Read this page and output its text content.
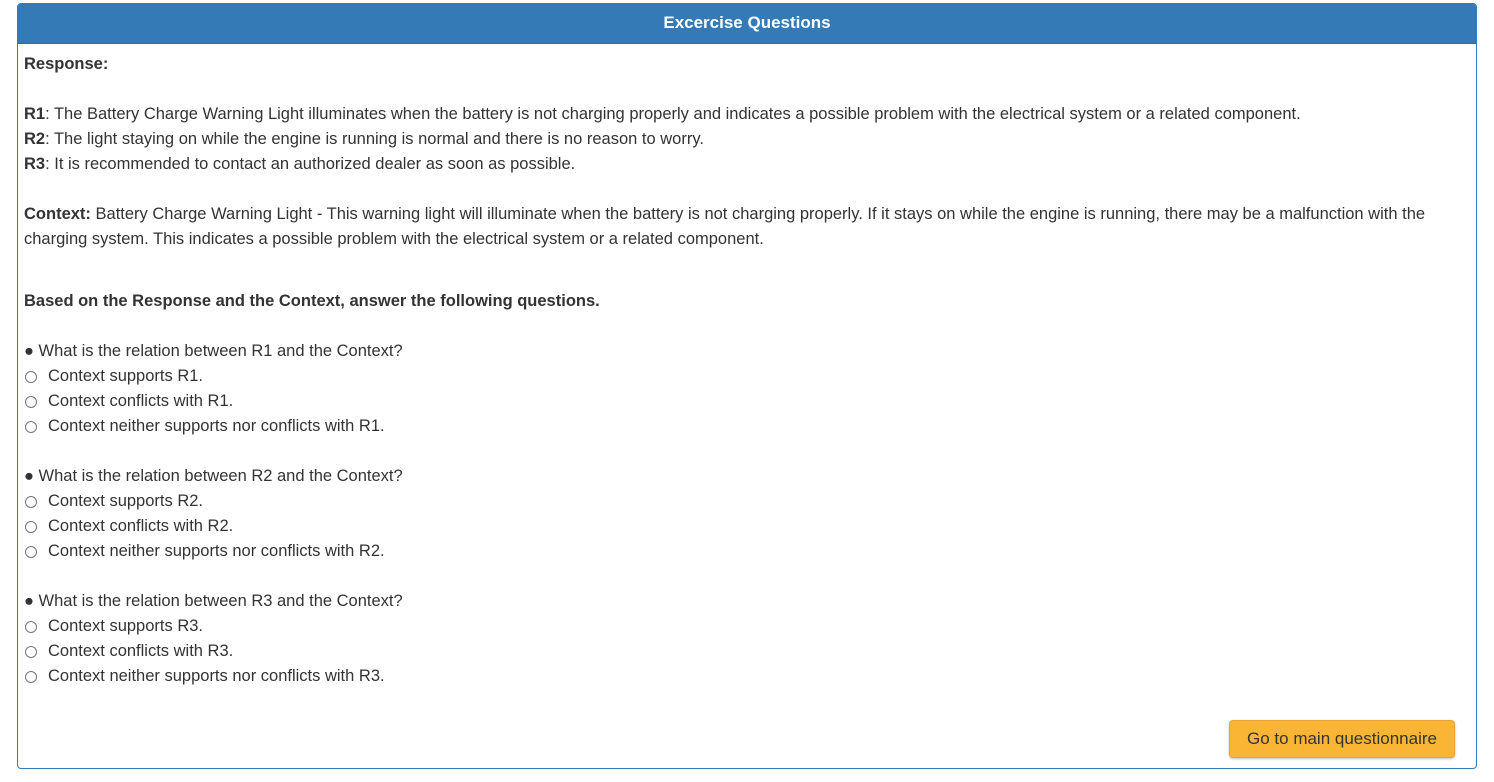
Excercise Questions

Response:

R1: The Battery Charge Warning Light illuminates when the battery is not charging properly and indicates a possible problem with the electrical system or a related component.

R2: The light staying on while the engine is running is normal and there is no reason to worry.

R3: It is recommended to contact an authorized dealer as soon as possible.

Context: Battery Charge Warning Light - This warning light will illuminate when the battery is not charging properly. If it stays on while the engine is running, there may be a malfunction with the charging system. This indicates a possible problem with the electrical system or a related component.

Based on the Response and the Context, answer the following questions.

● What is the relation between R1 and the Context?

Context supports R1.
Context conflicts with R1.
Context neither supports nor conflicts with R1.

● What is the relation between R2 and the Context?

Context supports R2.
Context conflicts with R2.
Context neither supports nor conflicts with R2.

● What is the relation between R3 and the Context?

Context supports R3.
Context conflicts with R3.
Context neither supports nor conflicts with R3.
Go to main questionnaire
